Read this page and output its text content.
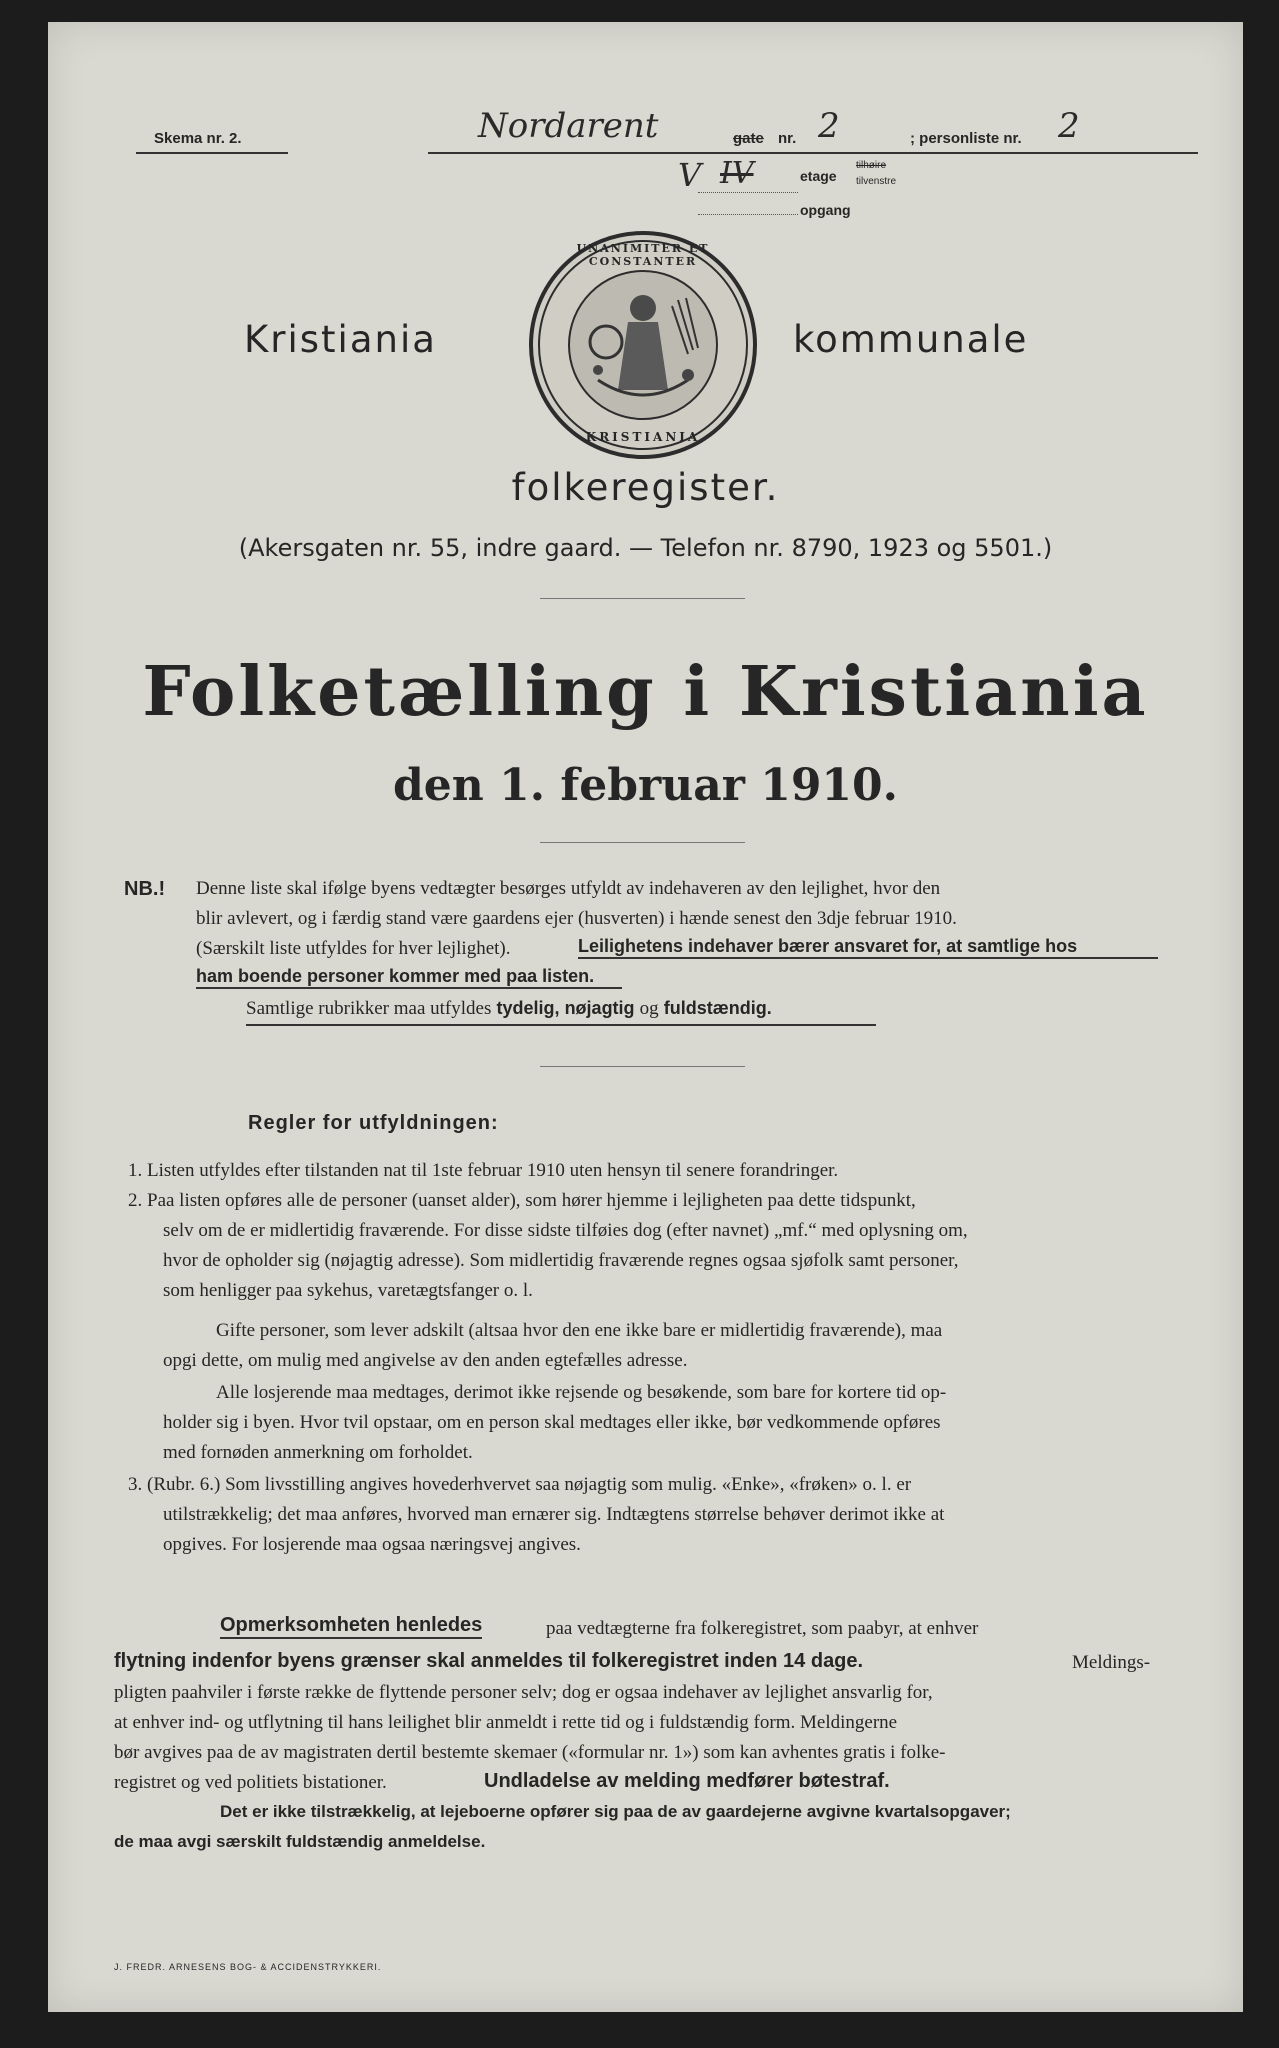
Skema nr. 2.	Nordarent	gate nr. 2	; personliste nr. 2
V IV	etage
tilhøire
tilvenstre
opgang
Kristiania	kommunale
UNANIMITER ET CONSTANTER
KRISTIANIA
folkeregister.
(Akersgaten nr. 55, indre gaard. — Telefon nr. 8790, 1923 og 5501.)
Folketælling i Kristiania
den 1. februar 1910.
NB.! Denne liste skal ifølge byens vedtægter besørges utfyldt av indehaveren av den lejlighet, hvor den
blir avlevert, og i færdig stand være gaardens ejer (husverten) i hænde senest den 3dje februar 1910.
(Særskilt liste utfyldes for hver lejlighet).	Leilighetens indehaver bærer ansvaret for, at samtlige hos
ham boende personer kommer med paa listen.
Samtlige rubrikker maa utfyldes tydelig, nøjagtig og fuldstændig.
Regler for utfyldningen:
1. Listen utfyldes efter tilstanden nat til 1ste februar 1910 uten hensyn til senere forandringer.
2. Paa listen opføres alle de personer (uanset alder), som hører hjemme i lejligheten paa dette tidspunkt,
selv om de er midlertidig fraværende. For disse sidste tilføies dog (efter navnet) „mf.“ med oplysning om,
hvor de opholder sig (nøjagtig adresse). Som midlertidig fraværende regnes ogsaa sjøfolk samt personer,
som henligger paa sykehus, varetægtsfanger o. l.
Gifte personer, som lever adskilt (altsaa hvor den ene ikke bare er midlertidig fraværende), maa
opgi dette, om mulig med angivelse av den anden egtefælles adresse.
Alle losjerende maa medtages, derimot ikke rejsende og besøkende, som bare for kortere tid op-
holder sig i byen. Hvor tvil opstaar, om en person skal medtages eller ikke, bør vedkommende opføres
med fornøden anmerkning om forholdet.
3. (Rubr. 6.) Som livsstilling angives hovederhvervet saa nøjagtig som mulig. «Enke», «frøken» o. l. er
utilstrækkelig; det maa anføres, hvorved man ernærer sig. Indtægtens størrelse behøver derimot ikke at
opgives. For losjerende maa ogsaa næringsvej angives.
Opmerksomheten henledes	paa vedtægterne fra folkeregistret, som paabyr, at enhver
flytning indenfor byens grænser skal anmeldes til folkeregistret inden 14 dage.	Meldings-
pligten paahviler i første række de flyttende personer selv; dog er ogsaa indehaver av lejlighet ansvarlig for,
at enhver ind- og utflytning til hans leilighet blir anmeldt i rette tid og i fuldstændig form. Meldingerne
bør avgives paa de av magistraten dertil bestemte skemaer («formular nr. 1») som kan avhentes gratis i folke-
registret og ved politiets bistationer.	Undladelse av melding medfører bøtestraf.
Det er ikke tilstrækkelig, at lejeboerne opfører sig paa de av gaardejerne avgivne kvartalsopgaver;
de maa avgi særskilt fuldstændig anmeldelse.
J. FREDR. ARNESENS BOG- & ACCIDENSTRYKKERI.
